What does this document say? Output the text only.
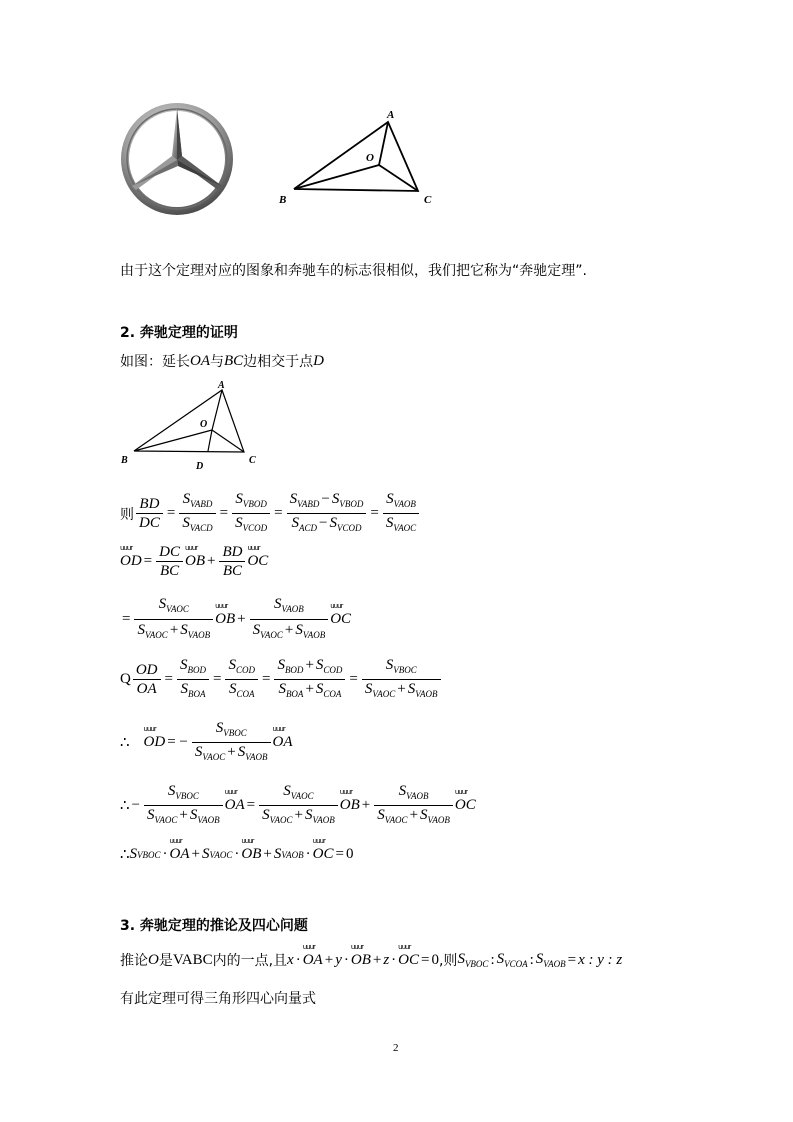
A
O
B	C
由于这个定理对应的图象和奔驰车的标志很相似，我们把它称为“奔驰定理”.
2. 奔驰定理的证明
如图：延长 OA 与 BC 边相交于点 D
A
O
B
D
C
则 $\frac{BD}{DC} = \frac{S_{VABD}}{S_{VACD}} = \frac{S_{VBOD}}{S_{VCOD}} = \frac{S_{VABD} - S_{VBOD}}{S_{ACD} - S_{VCOD}} = \frac{S_{VAOB}}{S_{VAOC}}$
uuur
OD = $\frac{DC}{BC}$ uuur
OB + $\frac{BD}{BC}$ uuur
OC
= $\frac{S_{VAOC}}{S_{VAOC} + S_{VAOB}}$ uuur
OB + $\frac{S_{VAOB}}{S_{VAOC} + S_{VAOB}}$ uuur
OC
Q $\frac{OD}{OA} = \frac{S_{BOD}}{S_{BOA}} = \frac{S_{COD}}{S_{COA}} = \frac{S_{BOD} + S_{COD}}{S_{BOA} + S_{COA}} = \frac{S_{VBOC}}{S_{VAOC} + S_{VAOB}}$
∴
uuur
OD = − $\frac{S_{VBOC}}{S_{VAOC} + S_{VAOB}}$ uuur
OA
∴ − $\frac{S_{VBOC}}{S_{VAOC} + S_{VAOB}}$ uuur
OA = $\frac{S_{VAOC}}{S_{VAOC} + S_{VAOB}}$ uuur
OB + $\frac{S_{VAOB}}{S_{VAOC} + S_{VAOB}}$ uuur
OC
∴ S VBOC ·
uuur
OA + S VAOC ·
uuur
OB + S VAOB ·
uuur
OC = 0
3. 奔驰定理的推论及四心问题
推论 O 是 VABC 内的一点,且 x ·
uuur
OA + y ·
uuur
OB + z ·
uuur
OC = 0 ,则 $S_{VBOC}$ : $S_{VCOA}$ : $S_{VAOB} = x$ : y : z
有此定理可得三角形四心向量式
2
